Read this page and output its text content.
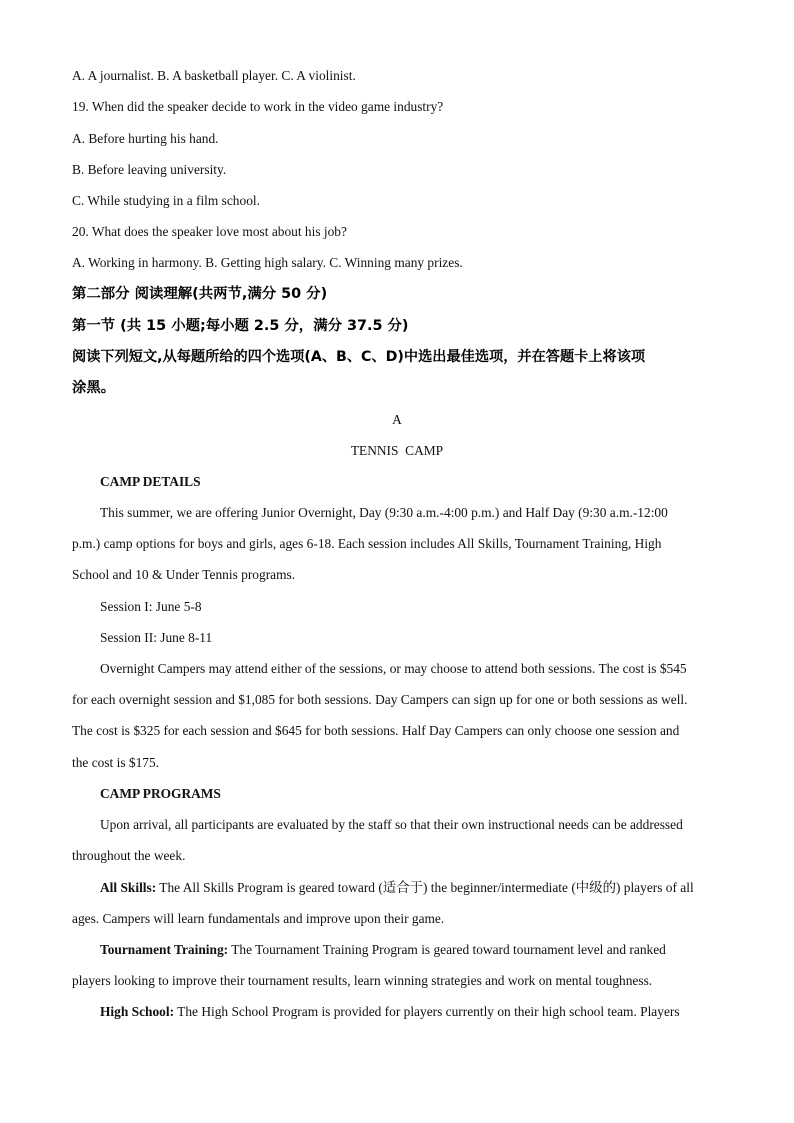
A. A journalist. B. A basketball player. C. A violinist.
19. When did the speaker decide to work in the video game industry?
A. Before hurting his hand.
B. Before leaving university.
C. While studying in a film school.
20. What does the speaker love most about his job?
A. Working in harmony. B. Getting high salary. C. Winning many prizes.
第二部分 阅读理解(共两节,满分 50 分)
第一节 (共 15 小题;每小题 2.5 分，满分 37.5 分)
阅读下列短文,从每题所给的四个选项(A、B、C、D)中选出最佳选项，并在答题卡上将该项
涂黑。
A
TENNIS  CAMP
CAMP DETAILS
This summer, we are offering Junior Overnight, Day (9:30 a.m.-4:00 p.m.) and Half Day (9:30 a.m.-12:00
p.m.) camp options for boys and girls, ages 6-18. Each session includes All Skills, Tournament Training, High
School and 10 & Under Tennis programs.
Session I: June 5-8
Session II: June 8-11
Overnight Campers may attend either of the sessions, or may choose to attend both sessions. The cost is $545
for each overnight session and $1,085 for both sessions. Day Campers can sign up for one or both sessions as well.
The cost is $325 for each session and $645 for both sessions. Half Day Campers can only choose one session and
the cost is $175.
CAMP PROGRAMS
Upon arrival, all participants are evaluated by the staff so that their own instructional needs can be addressed
throughout the week.
All Skills: The All Skills Program is geared toward (适合于) the beginner/intermediate (中级的) players of all
ages. Campers will learn fundamentals and improve upon their game.
Tournament Training: The Tournament Training Program is geared toward tournament level and ranked
players looking to improve their tournament results, learn winning strategies and work on mental toughness.
High School: The High School Program is provided for players currently on their high school team. Players
